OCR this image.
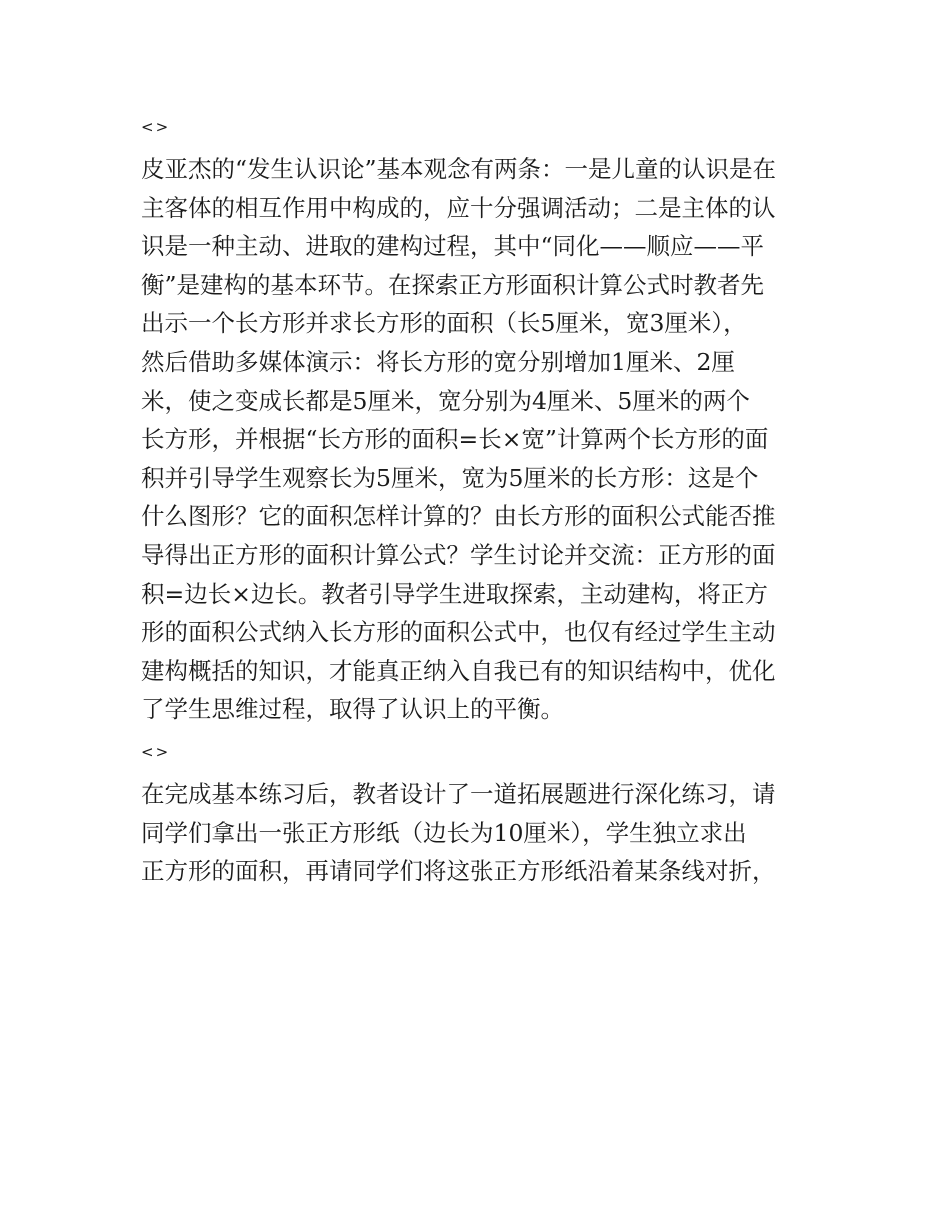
<>
皮亚杰的“发生认识论”基本观念有两条：一是儿童的认识是在
主客体的相互作用中构成的，应十分强调活动；二是主体的认
识是一种主动、进取的建构过程，其中“同化——顺应——平
衡”是建构的基本环节。在探索正方形面积计算公式时教者先
出示一个长方形并求长方形的面积（长5厘米，宽3厘米），
然后借助多媒体演示：将长方形的宽分别增加1厘米、2厘
米，使之变成长都是5厘米，宽分别为4厘米、5厘米的两个
长方形，并根据“长方形的面积=长×宽”计算两个长方形的面
积并引导学生观察长为5厘米，宽为5厘米的长方形：这是个
什么图形？它的面积怎样计算的？由长方形的面积公式能否推
导得出正方形的面积计算公式？学生讨论并交流：正方形的面
积=边长×边长。教者引导学生进取探索，主动建构，将正方
形的面积公式纳入长方形的面积公式中，也仅有经过学生主动
建构概括的知识，才能真正纳入自我已有的知识结构中，优化
了学生思维过程，取得了认识上的平衡。
<>
在完成基本练习后，教者设计了一道拓展题进行深化练习，请
同学们拿出一张正方形纸（边长为10厘米），学生独立求出
正方形的面积，再请同学们将这张正方形纸沿着某条线对折，
